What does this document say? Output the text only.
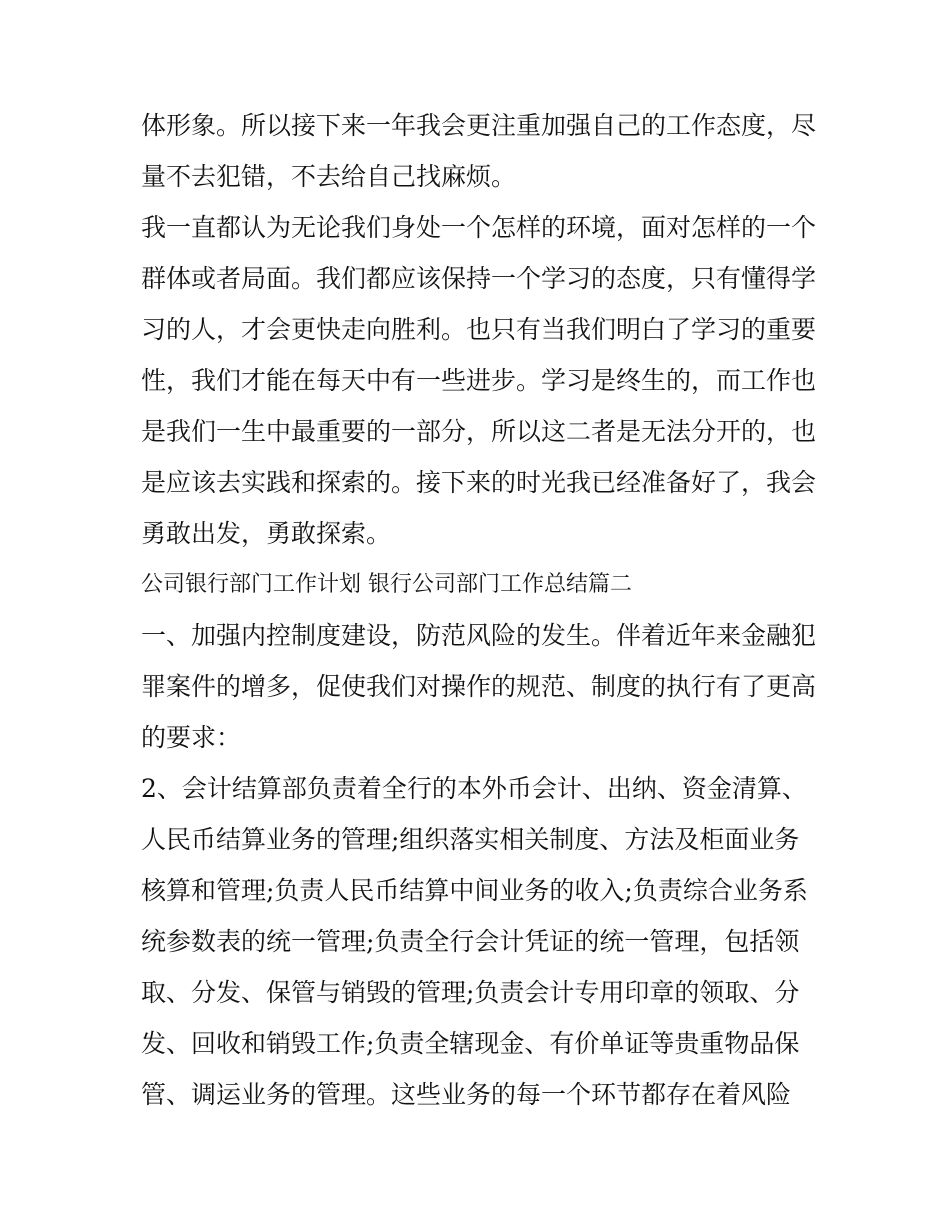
体形象。所以接下来一年我会更注重加强自己的工作态度，尽
量不去犯错，不去给自己找麻烦。
我一直都认为无论我们身处一个怎样的环境，面对怎样的一个
群体或者局面。我们都应该保持一个学习的态度，只有懂得学
习的人，才会更快走向胜利。也只有当我们明白了学习的重要
性，我们才能在每天中有一些进步。学习是终生的，而工作也
是我们一生中最重要的一部分，所以这二者是无法分开的，也
是应该去实践和探索的。接下来的时光我已经准备好了，我会
勇敢出发，勇敢探索。
公司银行部门工作计划 银行公司部门工作总结篇二
一、加强内控制度建设，防范风险的发生。伴着近年来金融犯
罪案件的增多，促使我们对操作的规范、制度的执行有了更高
的要求：
2、会计结算部负责着全行的本外币会计、出纳、资金清算、
人民币结算业务的管理;组织落实相关制度、方法及柜面业务
核算和管理;负责人民币结算中间业务的收入;负责综合业务系
统参数表的统一管理;负责全行会计凭证的统一管理，包括领
取、分发、保管与销毁的管理;负责会计专用印章的领取、分
发、回收和销毁工作;负责全辖现金、有价单证等贵重物品保
管、调运业务的管理。这些业务的每一个环节都存在着风险
